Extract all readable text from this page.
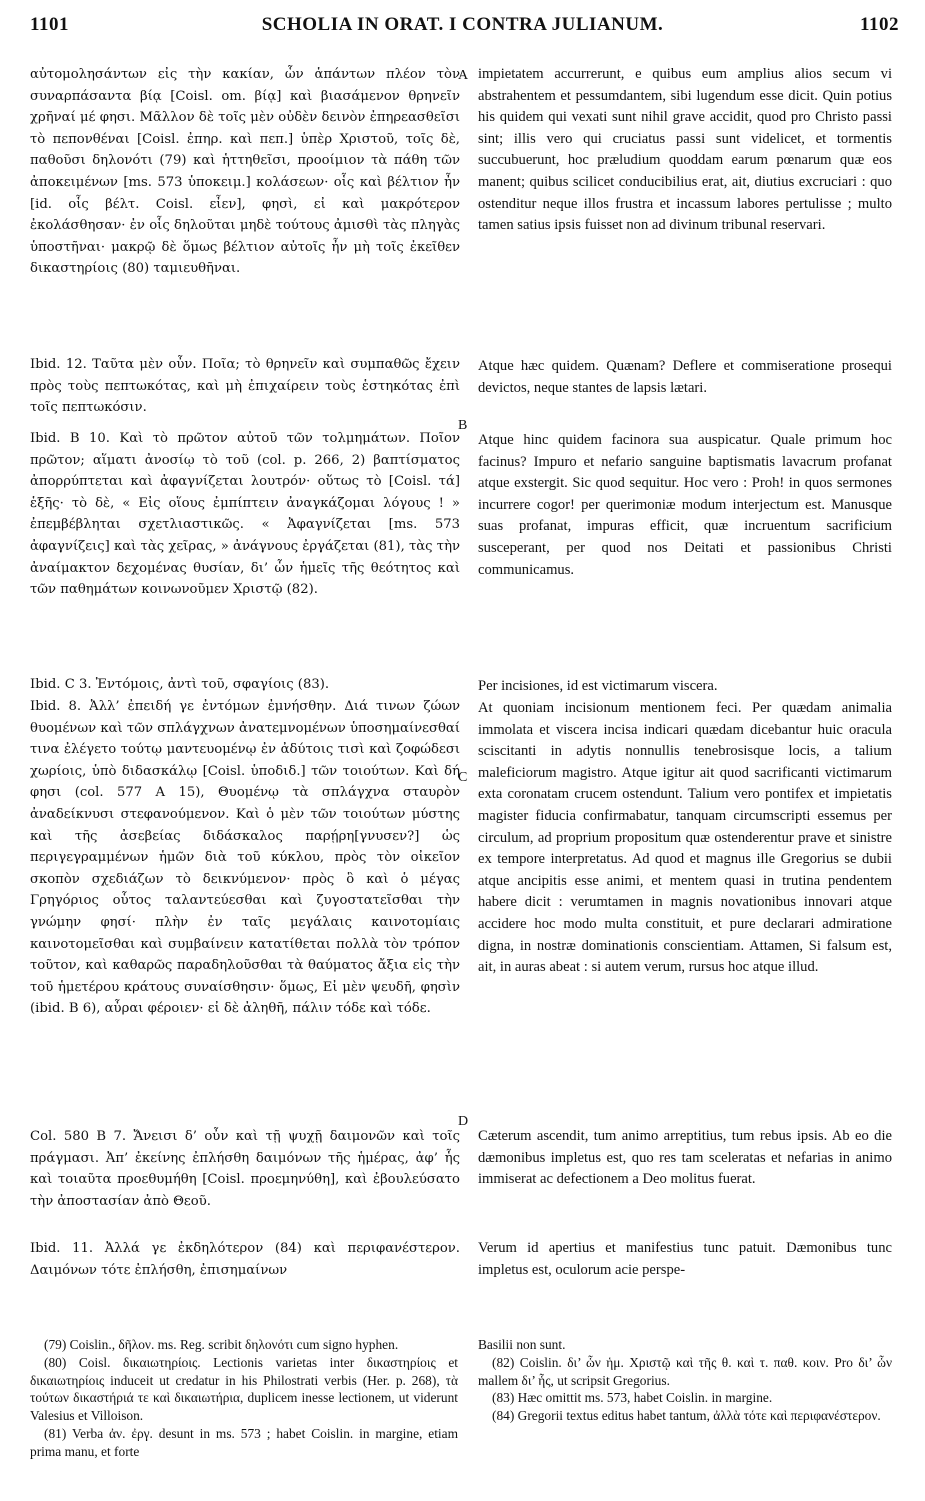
1101	SCHOLIA IN ORAT. I CONTRA JULIANUM.	1102

αὐτομολησάντων εἰς τὴν κακίαν, ὧν ἁπάντων πλέον τὸν συναρπάσαντα βίᾳ [Coisl. om. βίᾳ] καὶ βιασάμενον θρηνεῖν χρῆναί μέ φησι. Μᾶλλον δὲ τοῖς μὲν οὐδὲν δεινὸν ἐπηρεασθεῖσι τὸ πεπονθέναι [Coisl. ἐπηρ. καὶ πεπ.] ὑπὲρ Χριστοῦ, τοῖς δὲ, παθοῦσι δηλονότι (79) καὶ ἡττηθεῖσι, προοίμιον τὰ πάθη τῶν ἀποκειμένων [ms. 573 ὑποκειμ.] κολάσεων· οἷς καὶ βέλτιον ἦν [id. οἷς βέλτ. Coisl. εἶεν], φησὶ, εἰ καὶ μακρότερον ἐκολάσθησαν· ἐν οἷς δηλοῦται μηδὲ τούτους ἀμισθὶ τὰς πληγὰς ὑποστῆναι· μακρῷ δὲ ὅμως βέλτιον αὐτοῖς ἦν μὴ τοῖς ἐκεῖθεν δικαστηρίοις (80) ταμιευθῆναι.

Ibid. 12. Ταῦτα μὲν οὖν. Ποῖα; τὸ θρηνεῖν καὶ συμπαθῶς ἔχειν πρὸς τοὺς πεπτωκότας, καὶ μὴ ἐπιχαίρειν τοὺς ἑστηκότας ἐπὶ τοῖς πεπτωκόσιν.

Ibid. B 10. Καὶ τὸ πρῶτον αὐτοῦ τῶν τολμημάτων. Ποῖον πρῶτον; αἵματι ἀνοσίῳ τὸ τοῦ (col. p. 266, 2) βαπτίσματος ἀπορρύπτεται καὶ ἀφαγνίζεται λουτρόν· οὕτως τὸ [Coisl. τά] ἑξῆς· τὸ δὲ, « Εἰς οἵους ἐμπίπτειν ἀναγκάζομαι λόγους ! » ἐπεμβέβληται σχετλιαστικῶς. « Ἀφαγνίζεται [ms. 573 ἀφαγνίζεις] καὶ τὰς χεῖρας, » ἀνάγνους ἐργάζεται (81), τὰς τὴν ἀναίμακτον δεχομένας θυσίαν, δι’ ὧν ἡμεῖς τῆς θεότητος καὶ τῶν παθημάτων κοινωνοῦμεν Χριστῷ (82).

Ibid. C 3. Ἐντόμοις, ἀντὶ τοῦ, σφαγίοις (83).

Ibid. 8. Ἀλλ’ ἐπειδή γε ἐντόμων ἐμνήσθην. Διά τινων ζώων θυομένων καὶ τῶν σπλάγχνων ἀνατεμνομένων ὑποσημαίνεσθαί τινα ἐλέγετο τούτῳ μαντευομένῳ ἐν ἀδύτοις τισὶ καὶ ζοφώδεσι χωρίοις, ὑπὸ διδασκάλῳ [Coisl. ὑποδιδ.] τῶν τοιούτων. Καὶ δή φησι (col. 577 A 15), Θυομένῳ τὰ σπλάγχνα σταυρὸν ἀναδείκνυσι στεφανούμενον. Καὶ ὁ μὲν τῶν τοιούτων μύστης καὶ τῆς ἀσεβείας διδάσκαλος παρῄρη[γνυσεν?] ὡς περιγεγραμμένων ἡμῶν διὰ τοῦ κύκλου, πρὸς τὸν οἰκεῖον σκοπὸν σχεδιάζων τὸ δεικνύμενον· πρὸς ὃ καὶ ὁ μέγας Γρηγόριος οὗτος ταλαντεύεσθαι καὶ ζυγοστατεῖσθαι τὴν γνώμην φησί· πλὴν ἐν ταῖς μεγάλαις καινοτομίαις καινοτομεῖσθαι καὶ συμβαίνειν κατατίθεται πολλὰ τὸν τρόπον τοῦτον, καὶ καθαρῶς παραδηλοῦσθαι τὰ θαύματος ἄξια εἰς τὴν τοῦ ἡμετέρου κράτους συναίσθησιν· ὅμως, Εἰ μὲν ψευδῆ, φησὶν (ibid. B 6), αὖραι φέροιεν· εἰ δὲ ἀληθῆ, πάλιν τόδε καὶ τόδε.

Col. 580 B 7. Ἄνεισι δ’ οὖν καὶ τῇ ψυχῇ δαιμονῶν καὶ τοῖς πράγμασι. Ἀπ’ ἐκείνης ἐπλήσθη δαιμόνων τῆς ἡμέρας, ἀφ’ ἧς καὶ τοιαῦτα προεθυμήθη [Coisl. προεμηνύθη], καὶ ἐβουλεύσατο τὴν ἀποστασίαν ἀπὸ Θεοῦ.

Ibid. 11. Ἀλλά γε ἐκδηλότερον (84) καὶ περιφανέστερον. Δαιμόνων τότε ἐπλήσθη, ἐπισημαίνων

A
B
C
D

impietatem accurrerunt, e quibus eum amplius alios secum vi abstrahentem et pessumdantem, sibi lugendum esse dicit. Quin potius his quidem qui vexati sunt nihil grave accidit, quod pro Christo passi sint; illis vero qui cruciatus passi sunt videlicet, et tormentis succubuerunt, hoc præludium quoddam earum pœnarum quæ eos manent; quibus scilicet conducibilius erat, ait, diutius excruciari : quo ostenditur neque illos frustra et incassum labores pertulisse ; multo tamen satius ipsis fuisset non ad divinum tribunal reservari.

Atque hæc quidem. Quænam? Deflere et commiseratione prosequi devictos, neque stantes de lapsis lætari.

Atque hinc quidem facinora sua auspicatur. Quale primum hoc facinus? Impuro et nefario sanguine baptismatis lavacrum profanat atque exstergit. Sic quod sequitur. Hoc vero : Proh! in quos sermones incurrere cogor! per querimoniæ modum interjectum est. Manusque suas profanat, impuras efficit, quæ incruentum sacrificium susceperant, per quod nos Deitati et passionibus Christi communicamus.

Per incisiones, id est victimarum viscera.

At quoniam incisionum mentionem feci. Per quædam animalia immolata et viscera incisa indicari quædam dicebantur huic oracula sciscitanti in adytis nonnullis tenebrosisque locis, a talium maleficiorum magistro. Atque igitur ait quod sacrificanti victimarum exta coronatam crucem ostendunt. Talium vero pontifex et impietatis magister fiducia confirmabatur, tanquam circumscripti essemus per circulum, ad proprium propositum quæ ostenderentur prave et sinistre ex tempore interpretatus. Ad quod et magnus ille Gregorius se dubii atque ancipitis esse animi, et mentem quasi in trutina pendentem habere dicit : verumtamen in magnis novationibus innovari atque accidere hoc modo multa constituit, et pure declarari admiratione digna, in nostræ dominationis conscientiam. Attamen, Si falsum est, ait, in auras abeat : si autem verum, rursus hoc atque illud.

Cæterum ascendit, tum animo arreptitius, tum rebus ipsis. Ab eo die dæmonibus impletus est, quo res tam sceleratas et nefarias in animo immiserat ac defectionem a Deo molitus fuerat.

Verum id apertius et manifestius tunc patuit. Dæmonibus tunc impletus est, oculorum acie perspe-

(79) Coislin., δῆλον. ms. Reg. scribit δηλονότι cum signo hyphen.

(80) Coisl. δικαιωτηρίοις. Lectionis varietas inter δικαστηρίοις et δικαιωτηρίοις induceit ut credatur in his Philostrati verbis (Her. p. 268), τὰ τούτων δικαστήριά τε καὶ δικαιωτήρια, duplicem inesse lectionem, ut viderunt Valesius et Villoison.

(81) Verba ἀν. ἐργ. desunt in ms. 573 ; habet Coislin. in margine, etiam prima manu, et forte

Basilii non sunt.

(82) Coislin. δι’ ὧν ἡμ. Χριστῷ καὶ τῆς θ. καὶ τ. παθ. κοιν. Pro δι’ ὧν mallem δι’ ἧς, ut scripsit Gregorius.

(83) Hæc omittit ms. 573, habet Coislin. in margine.

(84) Gregorii textus editus habet tantum, ἀλλὰ τότε καὶ περιφανέστερον.
